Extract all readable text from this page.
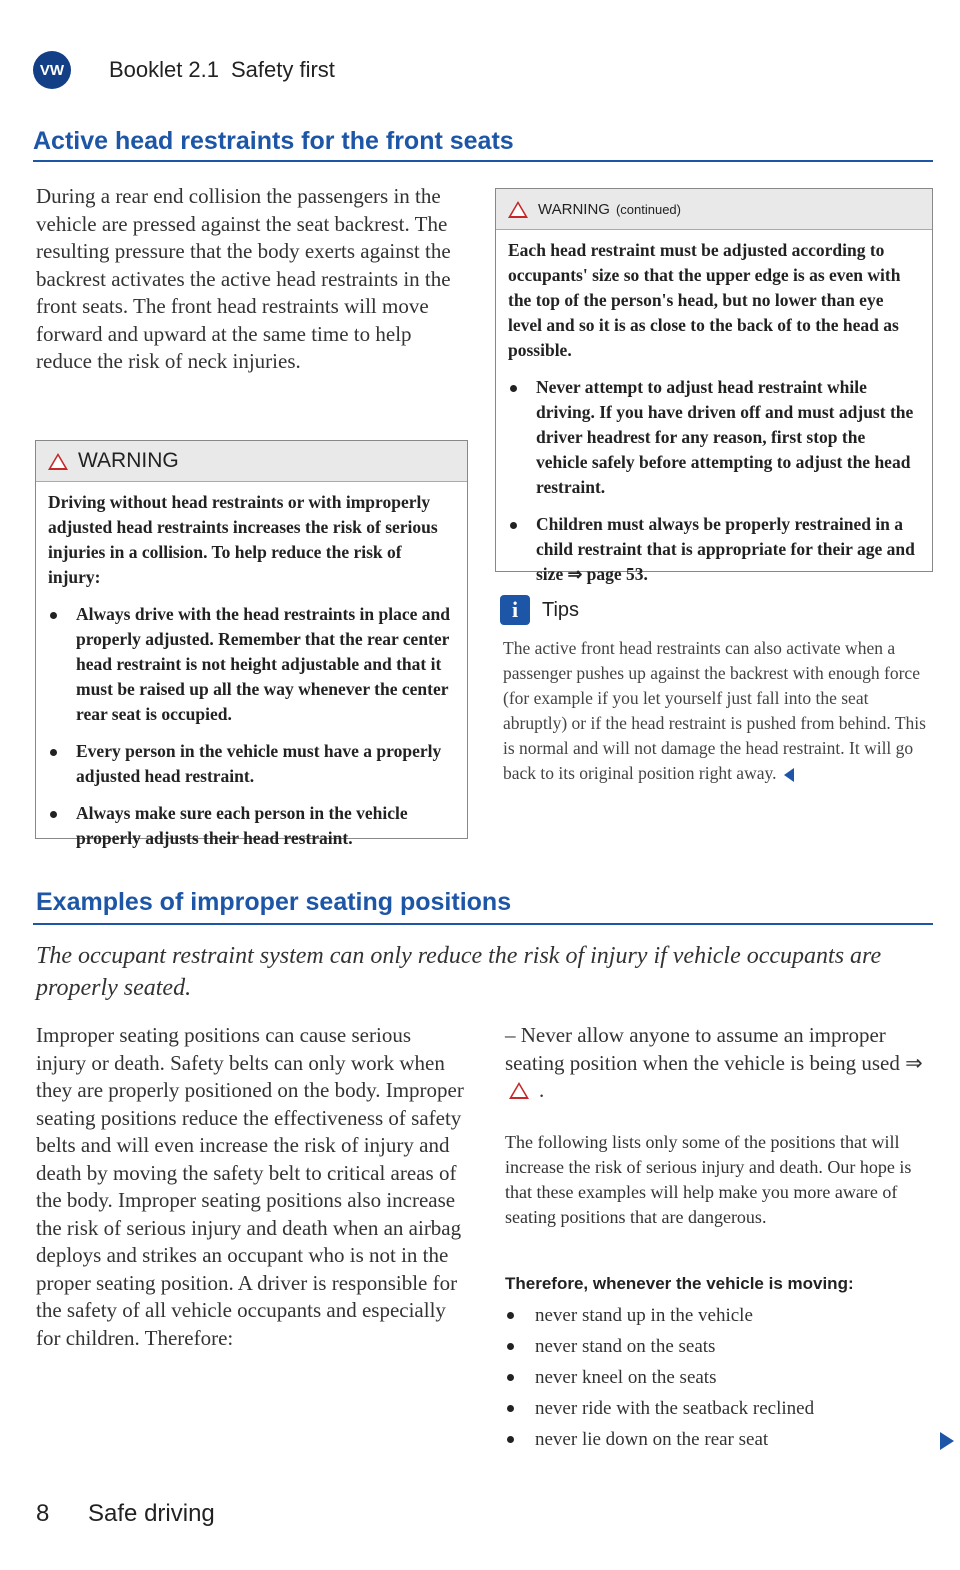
VW	Booklet 2.1 Safety first
Active head restraints for the front seats
During a rear end collision the passengers in the vehicle are pressed against the seat backrest. The resulting pressure that the body exerts against the backrest activates the active head restraints in the front seats. The front head restraints will move forward and upward at the same time to help reduce the risk of neck injuries.
WARNING

Driving without head restraints or with improperly adjusted head restraints increases the risk of serious injuries in a collision. To help reduce the risk of injury:

Always drive with the head restraints in place and properly adjusted. Remember that the rear center head restraint is not height adjustable and that it must be raised up all the way whenever the center rear seat is occupied.
Every person in the vehicle must have a properly adjusted head restraint.
Always make sure each person in the vehicle properly adjusts their head restraint.
WARNING (continued)

Each head restraint must be adjusted according to occupants' size so that the upper edge is as even with the top of the person's head, but no lower than eye level and so it is as close to the back of to the head as possible.

Never attempt to adjust head restraint while driving. If you have driven off and must adjust the driver headrest for any reason, first stop the vehicle safely before attempting to adjust the head restraint.
Children must always be properly restrained in a child restraint that is appropriate for their age and size ⇒ page 53.
i	Tips
The active front head restraints can also activate when a passenger pushes up against the backrest with enough force (for example if you let yourself just fall into the seat abruptly) or if the head restraint is pushed from behind. This is normal and will not damage the head restraint. It will go back to its original position right away.
Examples of improper seating positions
The occupant restraint system can only reduce the risk of injury if vehicle occupants are properly seated.
Improper seating positions can cause serious injury or death. Safety belts can only work when they are properly positioned on the body. Improper seating positions reduce the effectiveness of safety belts and will even increase the risk of injury and death by moving the safety belt to critical areas of the body. Improper seating positions also increase the risk of serious injury and death when an airbag deploys and strikes an occupant who is not in the proper seating position. A driver is responsible for the safety of all vehicle occupants and especially for children. Therefore:
– Never allow anyone to assume an improper seating position when the vehicle is being used ⇒ .
The following lists only some of the positions that will increase the risk of serious injury and death. Our hope is that these examples will help make you more aware of seating positions that are dangerous.
Therefore, whenever the vehicle is moving:
never stand up in the vehicle
never stand on the seats
never kneel on the seats
never ride with the seatback reclined
never lie down on the rear seat
8 Safe driving
